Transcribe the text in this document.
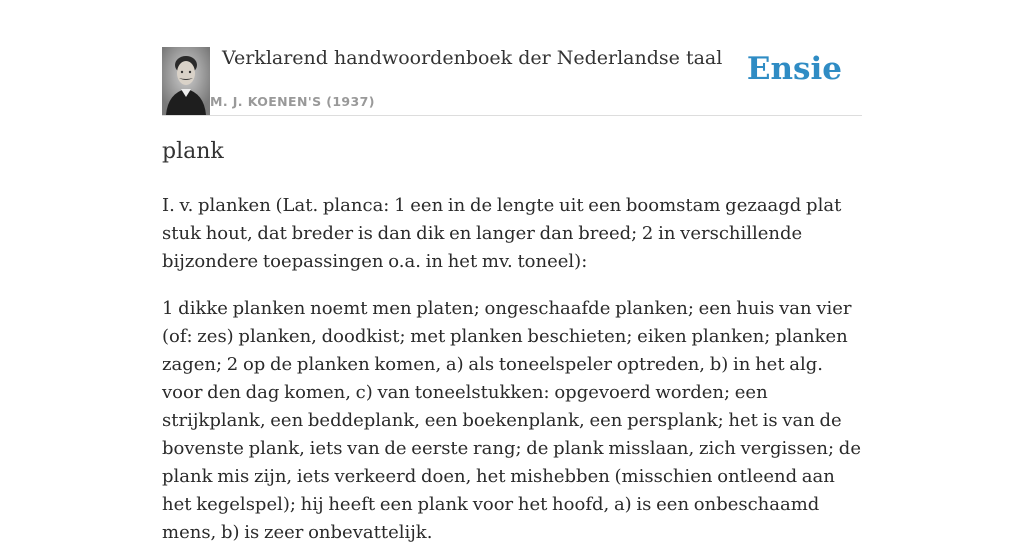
Verklarend handwoordenboek der Nederlandse taal
M. J. KOENEN'S (1937)
Ensie
plank

I. v. planken (Lat. planca: 1 een in de lengte uit een boomstam gezaagd plat stuk hout, dat breder is dan dik en langer dan breed; 2 in verschillende bijzondere toepassingen o.a. in het mv. toneel):

1 dikke planken noemt men platen; ongeschaafde planken; een huis van vier (of: zes) planken, doodkist; met planken beschieten; eiken planken; planken zagen; 2 op de planken komen, a) als toneelspeler optreden, b) in het alg. voor den dag komen, c) van toneelstukken: opgevoerd worden; een strijkplank, een beddeplank, een boekenplank, een persplank; het is van de bovenste plank, iets van de eerste rang; de plank misslaan, zich vergissen; de plank mis zijn, iets verkeerd doen, het mishebben (misschien ontleend aan het kegelspel); hij heeft een plank voor het hoofd, a) is een onbeschaamd mens, b) is zeer onbevattelijk.
